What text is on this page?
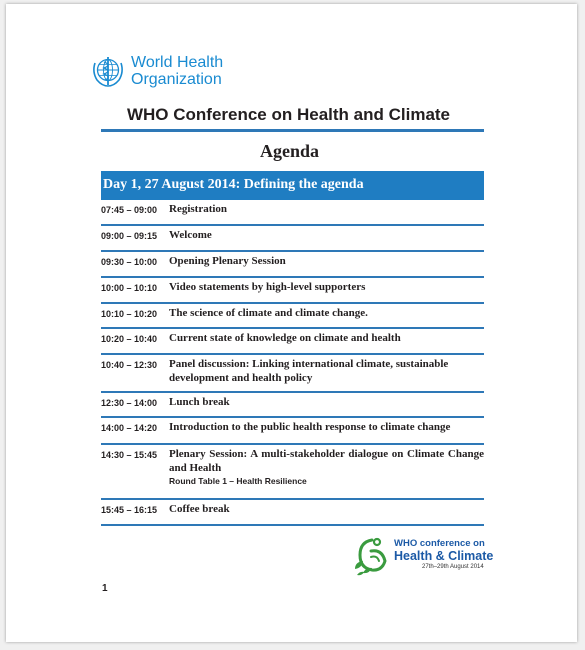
World Health
Organization
WHO Conference on Health and Climate
Agenda
Day 1, 27 August 2014: Defining the agenda
07:45 – 09:00 Registration
09:00 – 09:15 Welcome
09:30 – 10:00 Opening Plenary Session
10:00 – 10:10 Video statements by high-level supporters
10:10 – 10:20 The science of climate and climate change.
10:20 – 10:40 Current state of knowledge on climate and health
10:40 – 12:30 Panel discussion: Linking international climate, sustainable development and health policy
12:30 – 14:00 Lunch break
14:00 – 14:20 Introduction to the public health response to climate change
14:30 – 15:45 Plenary Session: A multi-stakeholder dialogue on Climate Change and Health
Round Table 1 – Health Resilience
15:45 – 16:15 Coffee break
WHO conference on
Health & Climate
27th–29th August 2014
1
